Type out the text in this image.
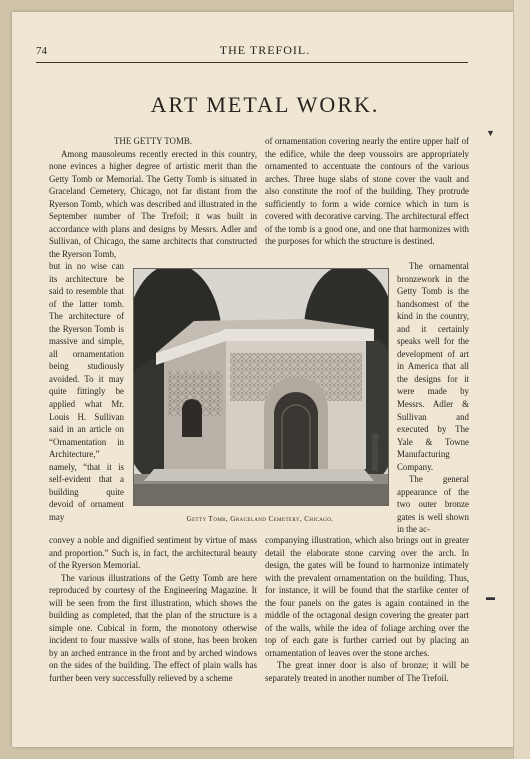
74	THE TREFOIL.
ART METAL WORK.

THE GETTY TOMB.

Among mausoleums recently erected in this country, none evinces a higher degree of artistic merit than the Getty Tomb or Memorial. The Getty Tomb is situated in Graceland Cemetery, Chicago, not far distant from the Ryerson Tomb, which was described and illustrated in the September number of The Trefoil; it was built in accordance with plans and designs by Messrs. Adler and Sullivan, of Chicago, the same architects that constructed the Ryerson Tomb,

but in no wise can its architecture be said to resemble that of the latter tomb. The architecture of the Ryerson Tomb is massive and simple, all ornamentation being studiously avoided. To it may quite fittingly be applied what Mr. Louis H. Sullivan said in an article on “Ornamentation in Architecture,” namely, “that it is self-evident that a building quite devoid of ornament may

convey a noble and dignified sentiment by virtue of mass and proportion.” Such is, in fact, the architectural beauty of the Ryerson Memorial.

The various illustrations of the Getty Tomb are here reproduced by courtesy of the Engineering Magazine. It will be seen from the first illustration, which shows the building as completed, that the plan of the structure is a simple one. Cubical in form, the monotony otherwise incident to four massive walls of stone, has been broken by an arched entrance in the front and by arched windows on the sides of the building. The effect of plain walls has further been very successfully relieved by a scheme

of ornamentation covering nearly the entire upper half of the edifice, while the deep voussoirs are appropriately ornamented to accentuate the contours of the various arches. Three huge slabs of stone cover the vault and also constitute the roof of the building. They protrude sufficiently to form a wide cornice which in turn is covered with decorative carving. The architectural effect of the tomb is a good one, and one that harmonizes with the purposes for which the structure is destined.

The ornamental bronzework in the Getty Tomb is the handsomest of the kind in the country, and it certainly speaks well for the development of art in America that all the designs for it were made by Messrs. Adler & Sullivan and executed by The Yale & Towne Manufacturing Company.

The general appearance of the two outer bronze gates is well shown in the ac-

companying illustration, which also brings out in greater detail the elaborate stone carving over the arch. In design, the gates will be found to harmonize intimately with the prevalent ornamentation on the building. Thus, for instance, it will be found that the starlike center of the four panels on the gates is again contained in the middle of the octagonal design covering the greater part of the walls, while the idea of foliage arching over the top of each gate is further carried out by placing an ornamentation of leaves over the stone arches.

The great inner door is also of bronze; it will be separately treated in another number of The Trefoil.

Getty Tomb, Graceland Cemetery, Chicago.
▼
▬
